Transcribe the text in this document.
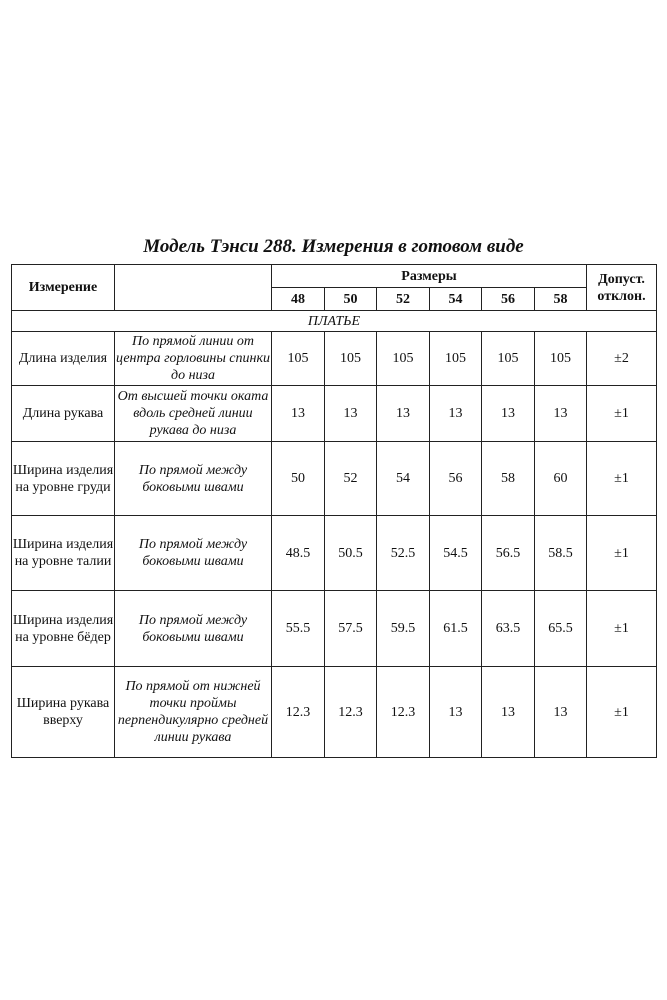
Модель Тэнси 288. Измерения в готовом виде
Измерение		Размеры						Допуст. отклон.
		48	50	52	54	56	58	
ПЛАТЬЕ								
Длина изделия	По прямой линии от центра горловины спинки до низа	105	105	105	105	105	105	±2
Длина рукава	От высшей точки оката вдоль средней линии рукава до низа	13	13	13	13	13	13	±1
Ширина изделия на уровне груди	По прямой между боковыми швами	50	52	54	56	58	60	±1
Ширина изделия на уровне талии	По прямой между боковыми швами	48.5	50.5	52.5	54.5	56.5	58.5	±1
Ширина изделия на уровне бёдер	По прямой между боковыми швами	55.5	57.5	59.5	61.5	63.5	65.5	±1
Ширина рукава вверху	По прямой от нижней точки проймы перпендикулярно средней линии рукава	12.3	12.3	12.3	13	13	13	±1
